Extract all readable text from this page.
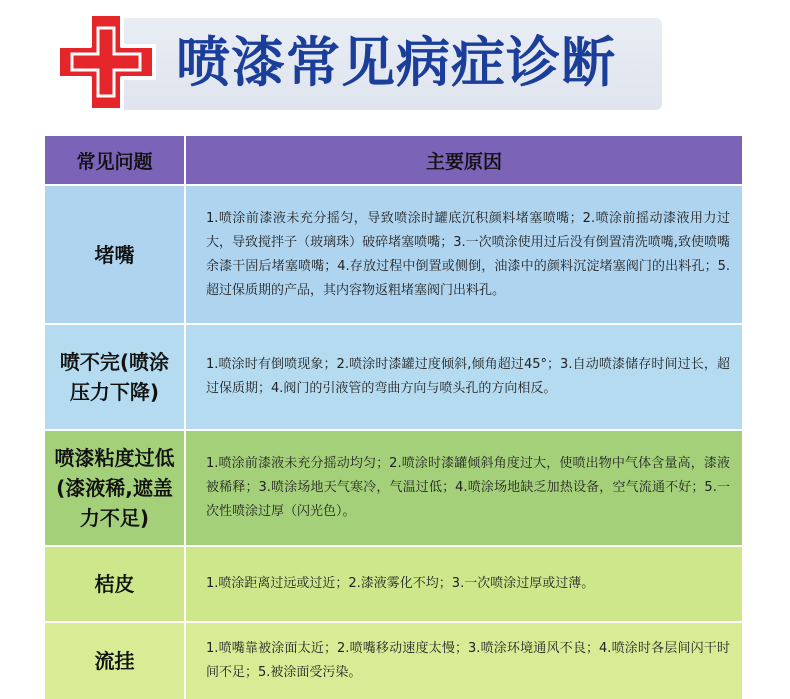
喷漆常见病症诊断
常见问题	主要原因
堵嘴
1.喷涂前漆液未充分摇匀，导致喷涂时罐底沉积颜料堵塞喷嘴；2.喷涂前摇动漆液用力过大，导致搅拌子（玻璃珠）破碎堵塞喷嘴；3.一次喷涂使用过后没有倒置清洗喷嘴,致使喷嘴余漆干固后堵塞喷嘴；4.存放过程中倒置或侧倒，油漆中的颜料沉淀堵塞阀门的出料孔；5.超过保质期的产品，其内容物返粗堵塞阀门出料孔。
喷不完(喷涂压力下降)
1.喷涂时有倒喷现象；2.喷涂时漆罐过度倾斜,倾角超过45°；3.自动喷漆储存时间过长，超过保质期；4.阀门的引液管的弯曲方向与喷头孔的方向相反。
喷漆粘度过低(漆液稀,遮盖力不足)
1.喷涂前漆液未充分摇动均匀；2.喷涂时漆罐倾斜角度过大，使喷出物中气体含量高，漆液被稀释；3.喷涂场地天气寒冷，气温过低；4.喷涂场地缺乏加热设备，空气流通不好；5.一次性喷涂过厚（闪光色）。
桔皮	1.喷涂距离过远或过近；2.漆液雾化不均；3.一次喷涂过厚或过薄。
流挂
1.喷嘴靠被涂面太近；2.喷嘴移动速度太慢；3.喷涂环境通风不良；4.喷涂时各层间闪干时间不足；5.被涂面受污染。
